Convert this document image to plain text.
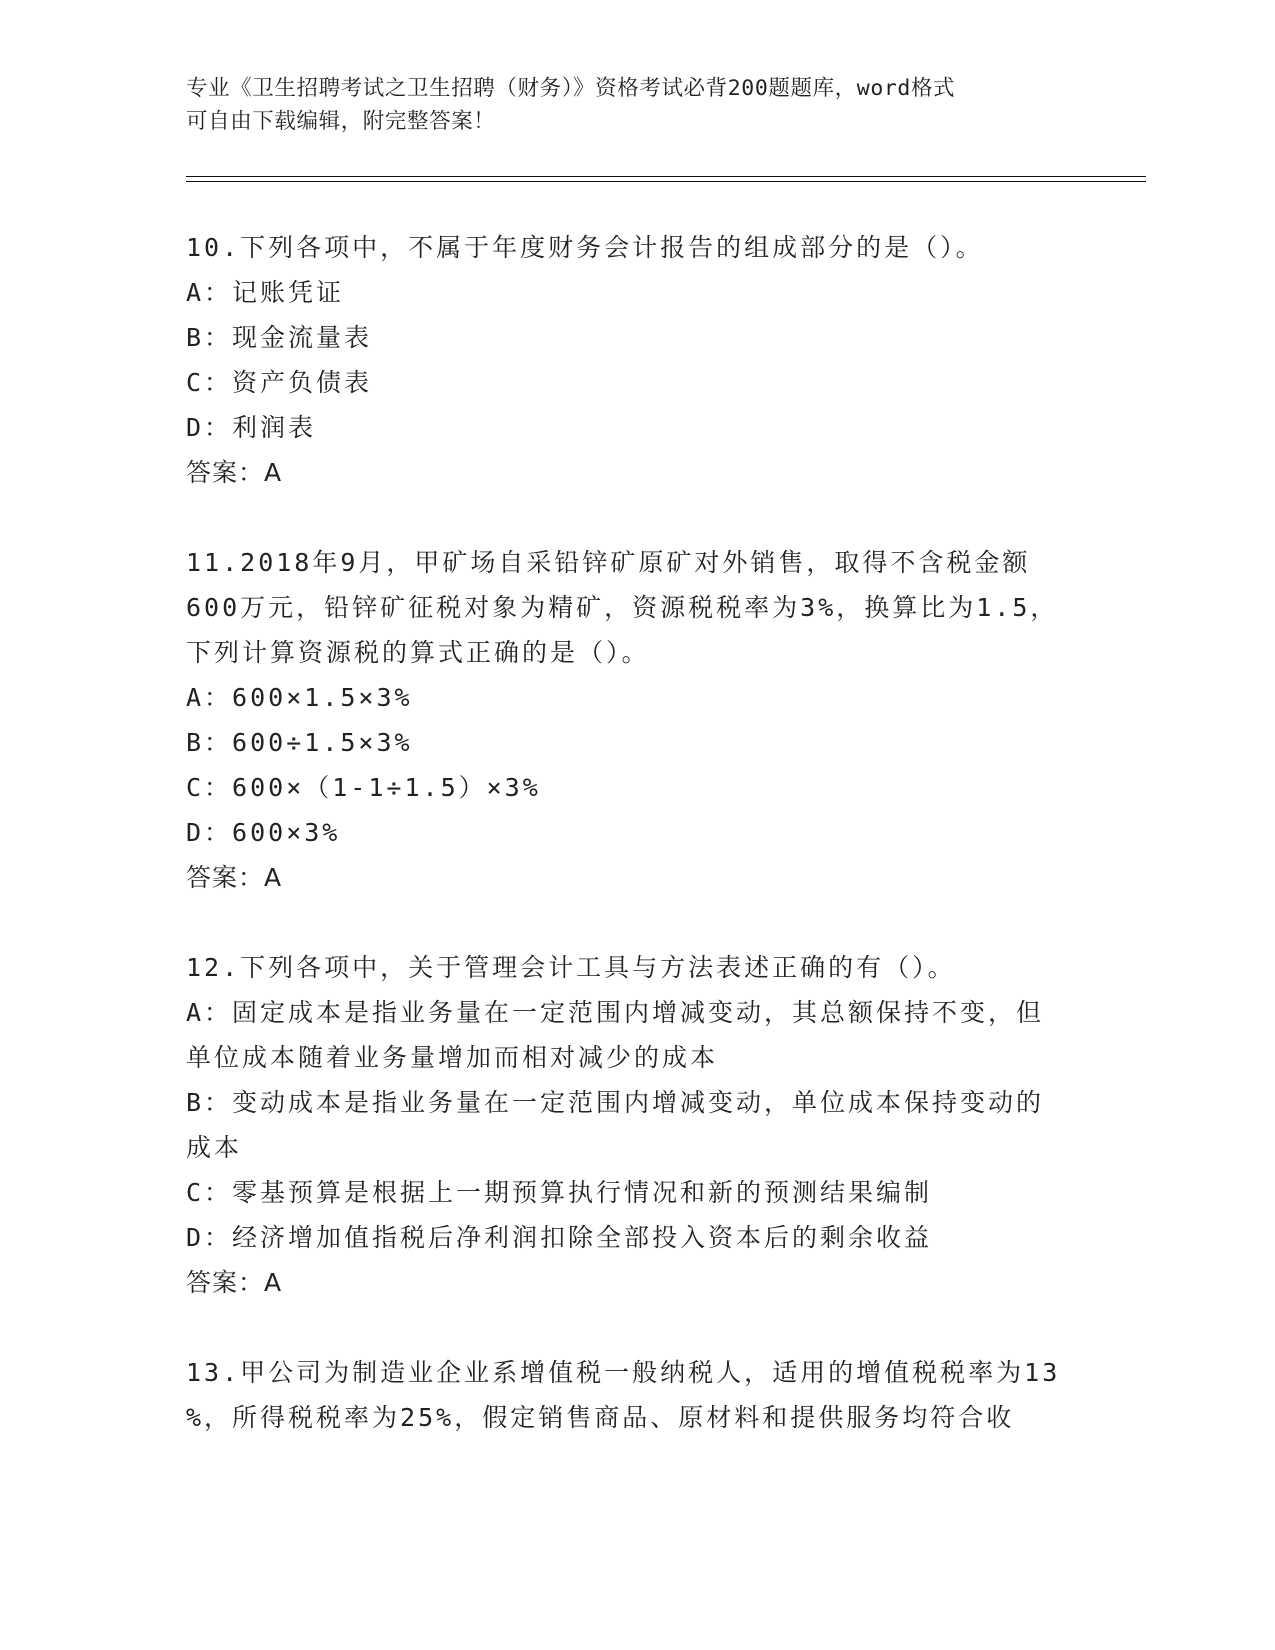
专业《卫生招聘考试之卫生招聘（财务）》资格考试必背200题题库，word格式
可自由下载编辑，附完整答案！
10.下列各项中，不属于年度财务会计报告的组成部分的是（）。
A：记账凭证
B：现金流量表
C：资产负债表
D：利润表
答案：A
11.2018年9月，甲矿场自采铅锌矿原矿对外销售，取得不含税金额
600万元，铅锌矿征税对象为精矿，资源税税率为3%，换算比为1.5，
下列计算资源税的算式正确的是（）。
A：600×1.5×3%
B：600÷1.5×3%
C：600×（1-1÷1.5）×3%
D：600×3%
答案：A
12.下列各项中，关于管理会计工具与方法表述正确的有（）。
A：固定成本是指业务量在一定范围内增减变动，其总额保持不变，但
单位成本随着业务量增加而相对减少的成本
B：变动成本是指业务量在一定范围内增减变动，单位成本保持变动的
成本
C：零基预算是根据上一期预算执行情况和新的预测结果编制
D：经济增加值指税后净利润扣除全部投入资本后的剩余收益
答案：A
13.甲公司为制造业企业系增值税一般纳税人，适用的增值税税率为13
%，所得税税率为25%，假定销售商品、原材料和提供服务均符合收
